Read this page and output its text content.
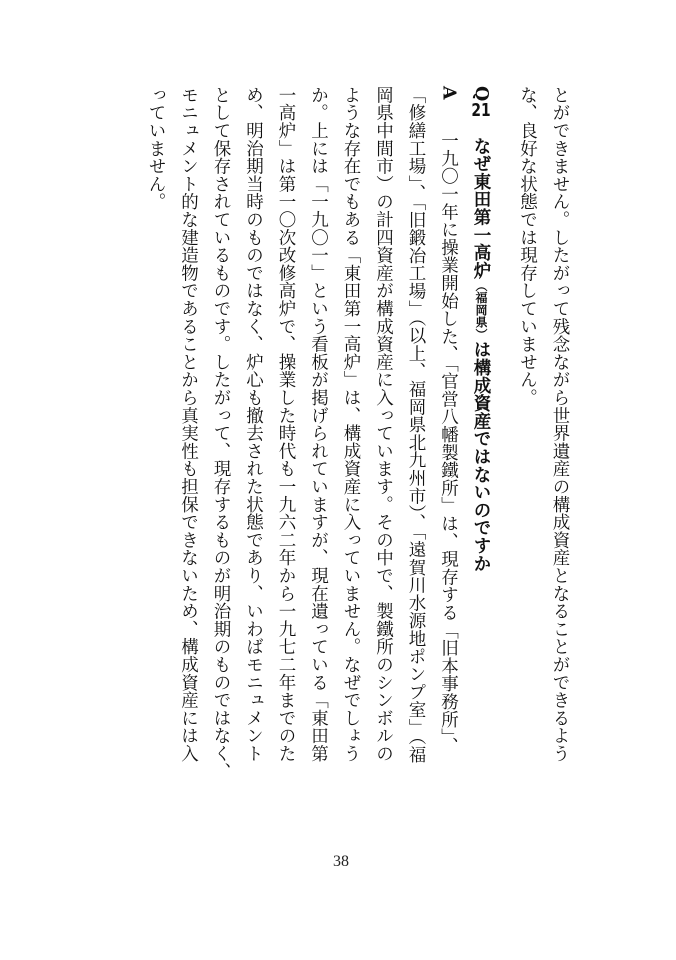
とができません。したがって残念ながら世界遺産の構成資産となることができるよう
な、良好な状態では現存していません。
Q21　なぜ東田第一高炉（福岡県）は構成資産ではないのですか
A　一九〇一年に操業開始した、「官営八幡製鐵所」は、現存する「旧本事務所」、
「修繕工場」、「旧鍛冶工場」（以上、福岡県北九州市）、「遠賀川水源地ポンプ室」（福
岡県中間市）の計四資産が構成資産に入っています。その中で、製鐵所のシンボルの
ような存在でもある「東田第一高炉」は、構成資産に入っていません。なぜでしょう
か。上には「一九〇一」という看板が掲げられていますが、現在遺っている「東田第
一高炉」は第一〇次改修高炉で、操業した時代も一九六二年から一九七二年までのた
め、明治期当時のものではなく、炉心も撤去された状態であり、いわばモニュメント
として保存されているものです。したがって、現存するものが明治期のものではなく、
モニュメント的な建造物であることから真実性も担保できないため、構成資産には入
っていません。
38
